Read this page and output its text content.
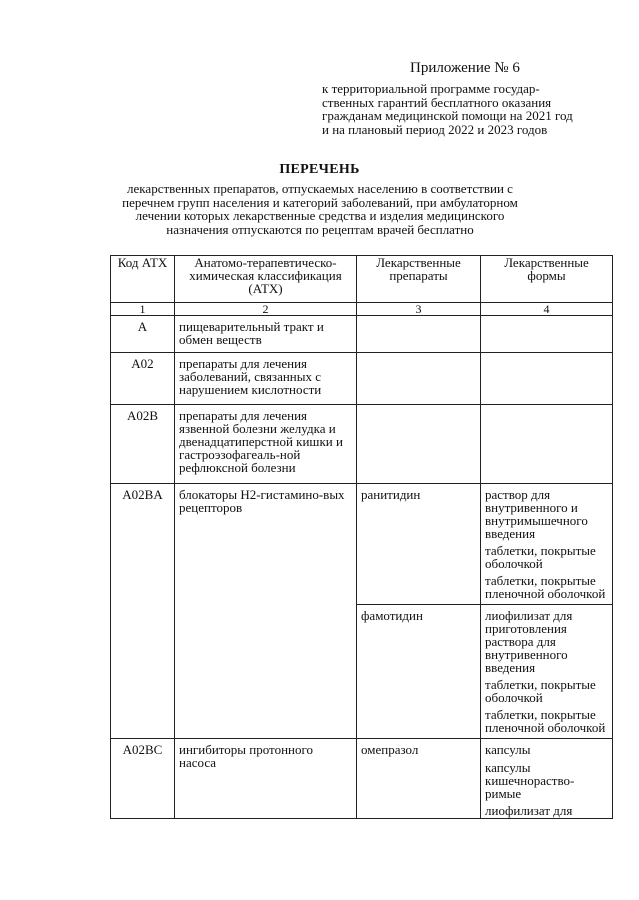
Приложение № 6
к территориальной программе государ-
ственных гарантий бесплатного оказания
гражданам медицинской помощи на 2021 год
и на плановый период 2022 и 2023 годов
ПЕРЕЧЕНЬ
лекарственных препаратов, отпускаемых населению в соответствии с
перечнем групп населения и категорий заболеваний, при амбулаторном
лечении которых лекарственные средства и изделия медицинского
назначения отпускаются по рецептам врачей бесплатно
Код АТХ	Анатомо-терапевтическо-химическая классификация (АТХ)	Лекарственные препараты	Лекарственные формы

1	2	3	4
A	пищеварительный тракт и обмен веществ		
A02	препараты для лечения заболеваний, связанных с нарушением кислотности		
A02B	препараты для лечения язвенной болезни желудка и двенадцатиперстной кишки и гастроэзофагеаль-ной рефлюксной болезни		
A02BA	блокаторы Н2-гистамино-вых рецепторов	ранитидин	раствор для внутривенного и внутримышечного введения
таблетки, покрытые оболочкой
таблетки, покрытые пленочной оболочкой

		фамотидин	лиофилизат для приготовления раствора для внутривенного введения
таблетки, покрытые оболочкой
таблетки, покрытые пленочной оболочкой

A02BC	ингибиторы протонного насоса	омепразол	капсулы
капсулы кишечнораство-римые
лиофилизат для
